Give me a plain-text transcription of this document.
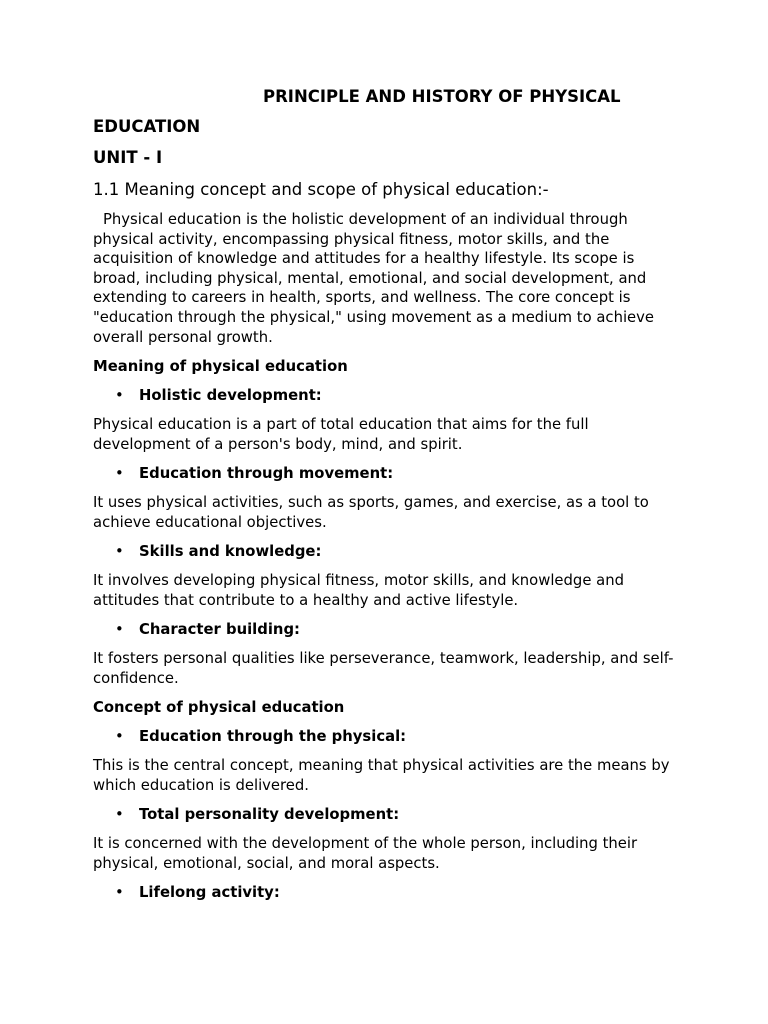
PRINCIPLE AND HISTORY OF PHYSICAL
EDUCATION
UNIT - I
1.1 Meaning concept and scope of physical education:-

Physical education is the holistic development of an individual through physical activity, encompassing physical fitness, motor skills, and the acquisition of knowledge and attitudes for a healthy lifestyle. Its scope is broad, including physical, mental, emotional, and social development, and extending to careers in health, sports, and wellness. The core concept is "education through the physical," using movement as a medium to achieve overall personal growth.

Meaning of physical education

• Holistic development:

Physical education is a part of total education that aims for the full development of a person's body, mind, and spirit.

• Education through movement:

It uses physical activities, such as sports, games, and exercise, as a tool to achieve educational objectives.

• Skills and knowledge:

It involves developing physical fitness, motor skills, and knowledge and attitudes that contribute to a healthy and active lifestyle.

• Character building:

It fosters personal qualities like perseverance, teamwork, leadership, and self-confidence.

Concept of physical education

• Education through the physical:

This is the central concept, meaning that physical activities are the means by which education is delivered.

• Total personality development:

It is concerned with the development of the whole person, including their physical, emotional, social, and moral aspects.

• Lifelong activity:
